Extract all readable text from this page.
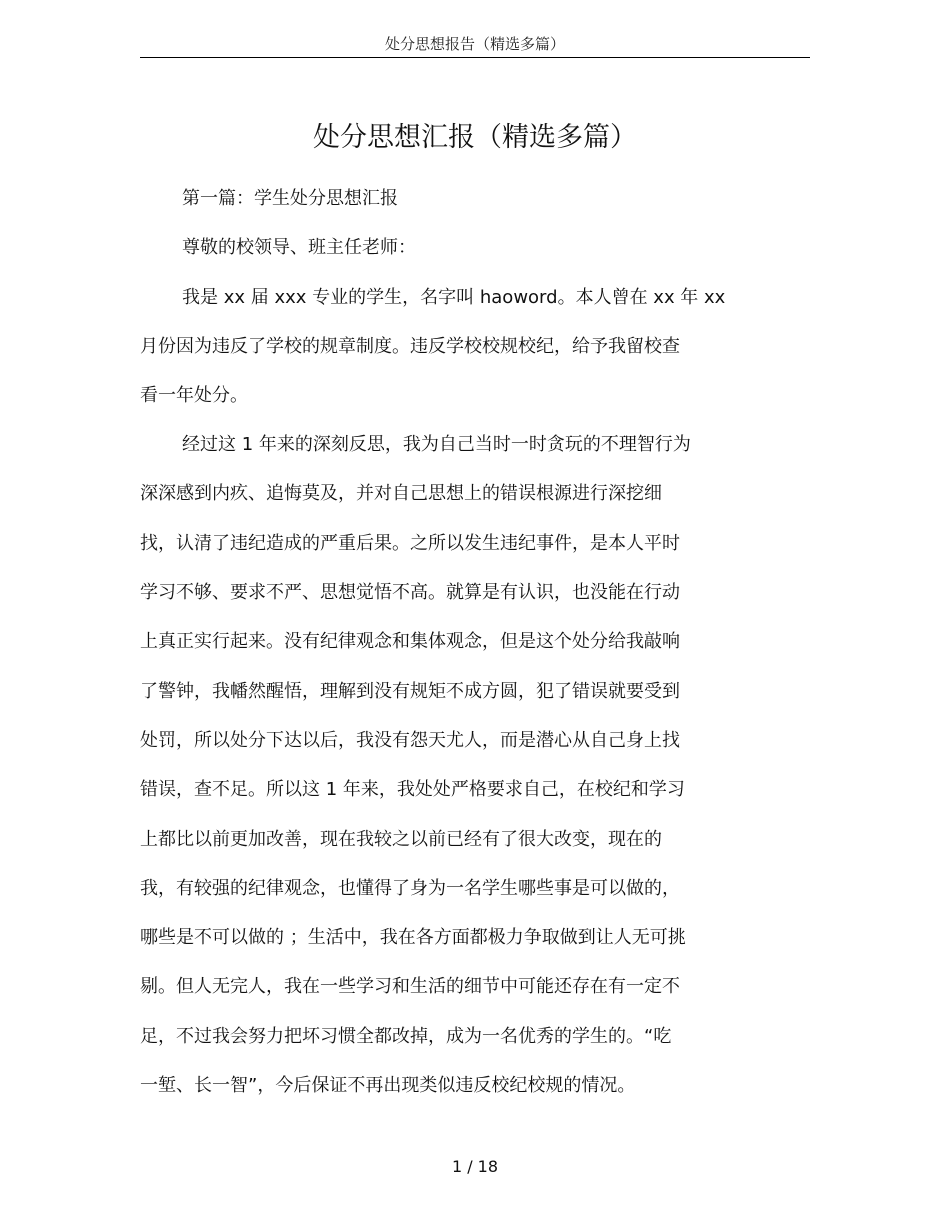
处分思想报告（精选多篇）
处分思想汇报（精选多篇）
第一篇：学生处分思想汇报
尊敬的校领导、班主任老师：
我是 xx 届 xxx 专业的学生，名字叫 haoword。本人曾在 xx 年 xx
月份因为违反了学校的规章制度。违反学校校规校纪，给予我留校查
看一年处分。
经过这 1 年来的深刻反思，我为自己当时一时贪玩的不理智行为
深深感到内疚、追悔莫及，并对自己思想上的错误根源进行深挖细
找，认清了违纪造成的严重后果。之所以发生违纪事件，是本人平时
学习不够、要求不严、思想觉悟不高。就算是有认识，也没能在行动
上真正实行起来。没有纪律观念和集体观念，但是这个处分给我敲响
了警钟，我幡然醒悟，理解到没有规矩不成方圆，犯了错误就要受到
处罚，所以处分下达以后，我没有怨天尤人，而是潜心从自己身上找
错误，查不足。所以这 1 年来，我处处严格要求自己，在校纪和学习
上都比以前更加改善，现在我较之以前已经有了很大改变，现在的
我，有较强的纪律观念，也懂得了身为一名学生哪些事是可以做的，
哪些是不可以做的 ；生活中，我在各方面都极力争取做到让人无可挑
剔。但人无完人，我在一些学习和生活的细节中可能还存在有一定不
足，不过我会努力把坏习惯全都改掉，成为一名优秀的学生的。“吃
一堑、长一智”，今后保证不再出现类似违反校纪校规的情况。
1 / 18
